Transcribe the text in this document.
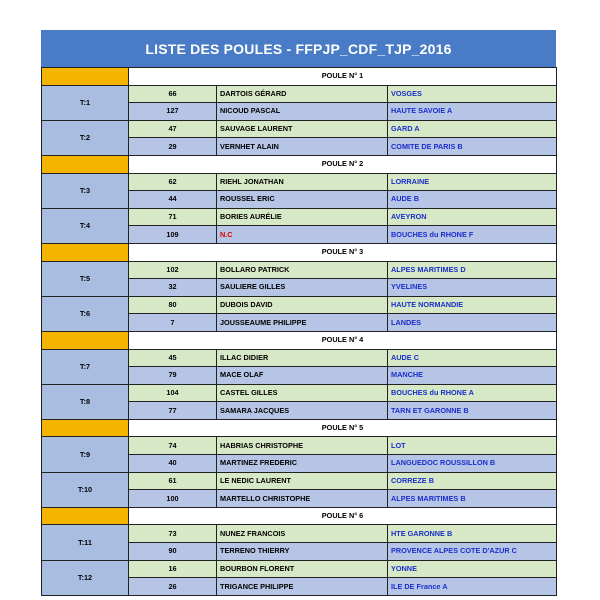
LISTE DES POULES - FFPJP_CDF_TJP_2016
	POULE N° 1		
T:1	66	DARTOIS GÉRARD	VOSGES
	127	NICOUD PASCAL	HAUTE SAVOIE A
T:2	47	SAUVAGE LAURENT	GARD A
	29	VERNHET ALAIN	COMITE DE PARIS B
	POULE N° 2		
T:3	62	RIEHL JONATHAN	LORRAINE
	44	ROUSSEL ERIC	AUDE B
T:4	71	BORIES AURÉLIE	AVEYRON
	109	N.C	BOUCHES du RHONE F
	POULE N° 3		
T:5	102	BOLLARO PATRICK	ALPES MARITIMES D
	32	SAULIERE GILLES	YVELINES
T:6	80	DUBOIS DAVID	HAUTE NORMANDIE
	7	JOUSSEAUME PHILIPPE	LANDES
	POULE N° 4		
T:7	45	ILLAC DIDIER	AUDE C
	79	MACE OLAF	MANCHE
T:8	104	CASTEL GILLES	BOUCHES du RHONE A
	77	SAMARA JACQUES	TARN ET GARONNE B
	POULE N° 5		
T:9	74	HABRIAS CHRISTOPHE	LOT
	40	MARTINEZ FREDERIC	LANGUEDOC ROUSSILLON B
T:10	61	LE NEDIC LAURENT	CORREZE B
	100	MARTELLO CHRISTOPHE	ALPES MARITIMES B
	POULE N° 6		
T:11	73	NUNEZ FRANCOIS	HTE GARONNE B
	90	TERRENO THIERRY	PROVENCE ALPES COTE D'AZUR C
T:12	16	BOURBON FLORENT	YONNE
	26	TRIGANCE PHILIPPE	ILE DE France A
